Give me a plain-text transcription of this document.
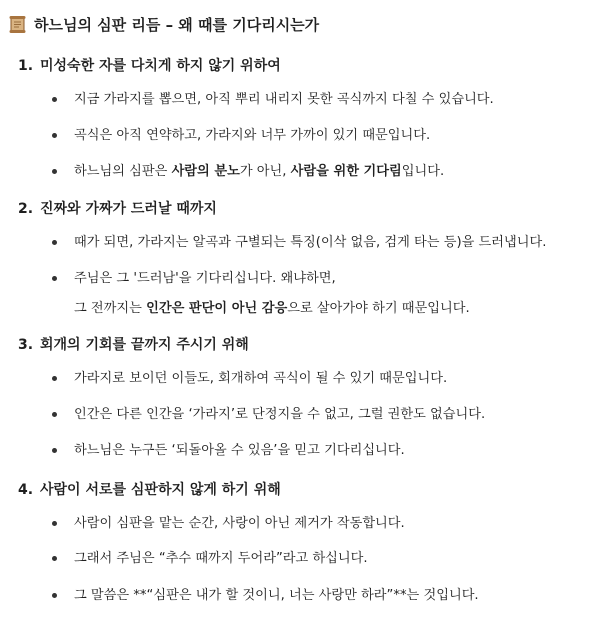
하느님의 심판 리듬 – 왜 때를 기다리시는가
1. 미성숙한 자를 다치게 하지 않기 위하여
지금 가라지를 뽑으면, 아직 뿌리 내리지 못한 곡식까지 다칠 수 있습니다.
곡식은 아직 연약하고, 가라지와 너무 가까이 있기 때문입니다.
하느님의 심판은 사람의 분노가 아닌, 사람을 위한 기다림입니다.
2. 진짜와 가짜가 드러날 때까지
때가 되면, 가라지는 알곡과 구별되는 특징(이삭 없음, 검게 타는 등)을 드러냅니다.
주님은 그 '드러남'을 기다리십니다. 왜냐하면,
그 전까지는 인간은 판단이 아닌 감응으로 살아가야 하기 때문입니다.
3. 회개의 기회를 끝까지 주시기 위해
가라지로 보이던 이들도, 회개하여 곡식이 될 수 있기 때문입니다.
인간은 다른 인간을 ‘가라지’로 단정지을 수 없고, 그럴 권한도 없습니다.
하느님은 누구든 ‘되돌아올 수 있음’을 믿고 기다리십니다.
4. 사람이 서로를 심판하지 않게 하기 위해
사람이 심판을 맡는 순간, 사랑이 아닌 제거가 작동합니다.
그래서 주님은 “추수 때까지 두어라”라고 하십니다.
그 말씀은 **“심판은 내가 할 것이니, 너는 사랑만 하라”**는 것입니다.
